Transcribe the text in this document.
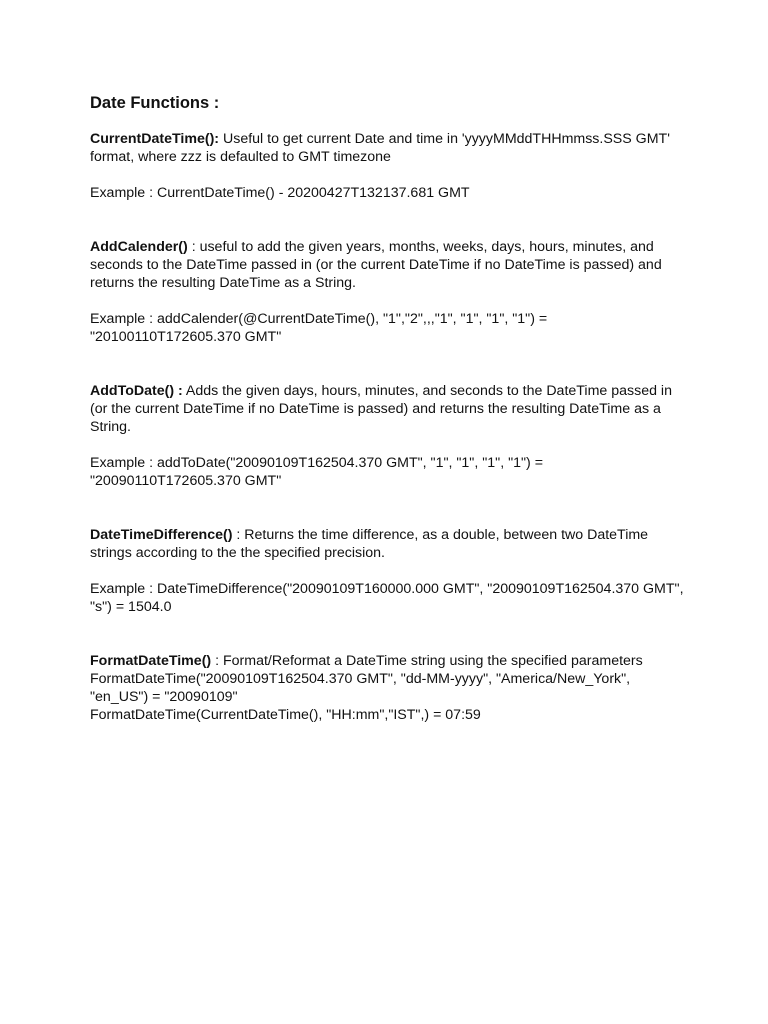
Date Functions :

CurrentDateTime(): Useful to get current Date and time in 'yyyyMMddTHHmmss.SSS GMT' format, where zzz is defaulted to GMT timezone

Example : CurrentDateTime() - 20200427T132137.681 GMT

AddCalender() : useful to add the given years, months, weeks, days, hours, minutes, and seconds to the DateTime passed in (or the current DateTime if no DateTime is passed) and returns the resulting DateTime as a String.

Example : addCalender(@CurrentDateTime(), "1","2",,,"1", "1", "1", "1") = "20100110T172605.370 GMT"

AddToDate() : Adds the given days, hours, minutes, and seconds to the DateTime passed in (or the current DateTime if no DateTime is passed) and returns the resulting DateTime as a String.

Example : addToDate("20090109T162504.370 GMT", "1", "1", "1", "1") = "20090110T172605.370 GMT"

DateTimeDifference() : Returns the time difference, as a double, between two DateTime strings according to the the specified precision.

Example : DateTimeDifference("20090109T160000.000 GMT", "20090109T162504.370 GMT", "s") = 1504.0

FormatDateTime() : Format/Reformat a DateTime string using the specified parameters

FormatDateTime("20090109T162504.370 GMT", "dd-MM-yyyy", "America/New_York", "en_US") = "20090109"

FormatDateTime(CurrentDateTime(), "HH:mm","IST",) = 07:59
